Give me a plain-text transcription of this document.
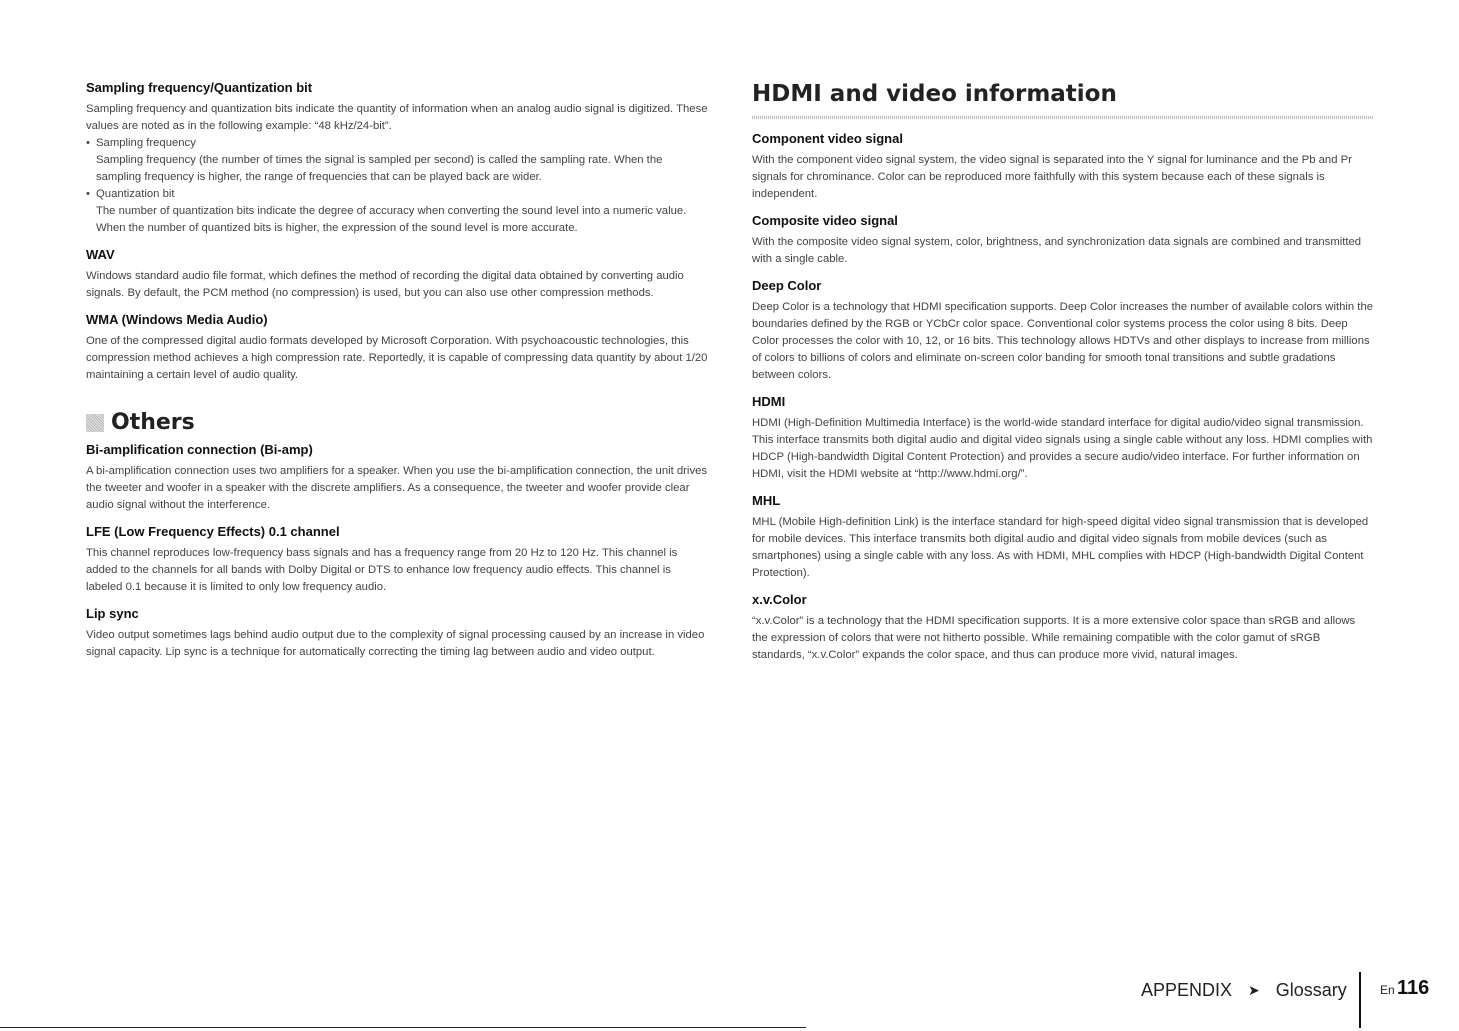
Sampling frequency/Quantization bit

Sampling frequency and quantization bits indicate the quantity of information when an analog audio signal is digitized. These values are noted as in the following example: “48 kHz/24-bit”.

• Sampling frequency

Sampling frequency (the number of times the signal is sampled per second) is called the sampling rate. When the sampling frequency is higher, the range of frequencies that can be played back are wider.

• Quantization bit

The number of quantization bits indicate the degree of accuracy when converting the sound level into a numeric value. When the number of quantized bits is higher, the expression of the sound level is more accurate.

WAV

Windows standard audio file format, which defines the method of recording the digital data obtained by converting audio signals. By default, the PCM method (no compression) is used, but you can also use other compression methods.

WMA (Windows Media Audio)

One of the compressed digital audio formats developed by Microsoft Corporation. With psychoacoustic technologies, this compression method achieves a high compression rate. Reportedly, it is capable of compressing data quantity by about 1/20 maintaining a certain level of audio quality.

Others
Bi-amplification connection (Bi-amp)

A bi-amplification connection uses two amplifiers for a speaker. When you use the bi-amplification connection, the unit drives the tweeter and woofer in a speaker with the discrete amplifiers. As a consequence, the tweeter and woofer provide clear audio signal without the interference.

LFE (Low Frequency Effects) 0.1 channel

This channel reproduces low-frequency bass signals and has a frequency range from 20 Hz to 120 Hz. This channel is added to the channels for all bands with Dolby Digital or DTS to enhance low frequency audio effects. This channel is labeled 0.1 because it is limited to only low frequency audio.

Lip sync

Video output sometimes lags behind audio output due to the complexity of signal processing caused by an increase in video signal capacity. Lip sync is a technique for automatically correcting the timing lag between audio and video output.

HDMI and video information
Component video signal

With the component video signal system, the video signal is separated into the Y signal for luminance and the Pb and Pr signals for chrominance. Color can be reproduced more faithfully with this system because each of these signals is independent.

Composite video signal

With the composite video signal system, color, brightness, and synchronization data signals are combined and transmitted with a single cable.

Deep Color

Deep Color is a technology that HDMI specification supports. Deep Color increases the number of available colors within the boundaries defined by the RGB or YCbCr color space. Conventional color systems process the color using 8 bits. Deep Color processes the color with 10, 12, or 16 bits. This technology allows HDTVs and other displays to increase from millions of colors to billions of colors and eliminate on-screen color banding for smooth tonal transitions and subtle gradations between colors.

HDMI

HDMI (High-Definition Multimedia Interface) is the world-wide standard interface for digital audio/video signal transmission. This interface transmits both digital audio and digital video signals using a single cable without any loss. HDMI complies with HDCP (High-bandwidth Digital Content Protection) and provides a secure audio/video interface. For further information on HDMI, visit the HDMI website at “http://www.hdmi.org/”.

MHL

MHL (Mobile High-definition Link) is the interface standard for high-speed digital video signal transmission that is developed for mobile devices. This interface transmits both digital audio and digital video signals from mobile devices (such as smartphones) using a single cable with any loss. As with HDMI, MHL complies with HDCP (High-bandwidth Digital Content Protection).

x.v.Color

“x.v.Color” is a technology that the HDMI specification supports. It is a more extensive color space than sRGB and allows the expression of colors that were not hitherto possible. While remaining compatible with the color gamut of sRGB standards, “x.v.Color” expands the color space, and thus can produce more vivid, natural images.

APPENDIX ➤ Glossary	En 116
